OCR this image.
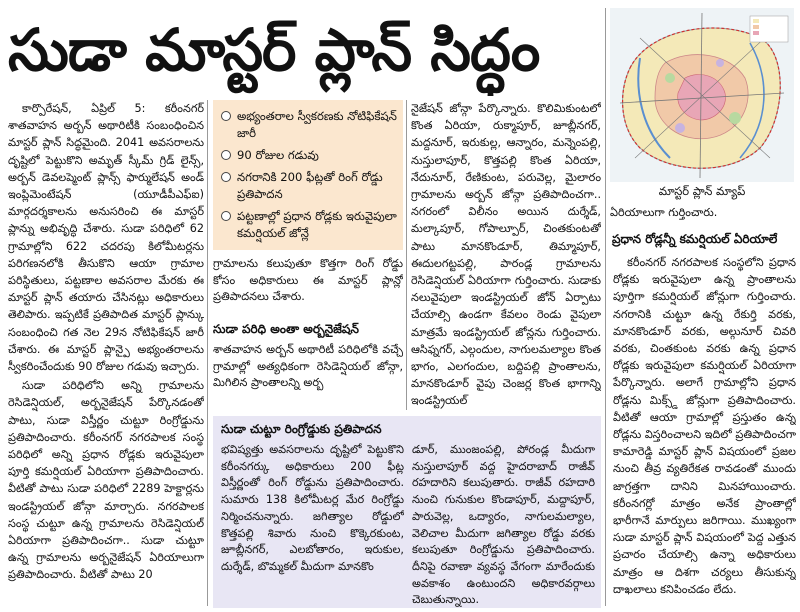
సుడా మాస్టర్ ప్లాన్ సిద్ధం

కార్పొరేషన్, ఏప్రిల్ 5: కరీంనగర్ శాతవాహన అర్బన్ అథారిటీకి సంబంధించిన మాస్టర్ ప్లాన్ సిద్ధమైంది. 2041 అవసరాలను దృష్టిలో పెట్టుకొని అమృత్ స్కీమ్ గ్రిడ్ లైన్స్, అర్బన్ డెవలప్మెంట్ ప్లాన్స్ ఫార్ములేషన్ అండ్ ఇంప్లిమెంటేషన్ (యూడీపీఎఫ్ఐ) మార్గదర్శకాలను అనుసరించి ఈ మాస్టర్ ప్లాన్ను అభివృద్ధి చేశారు. సుడా పరిధిలో 62 గ్రామాల్లోని 622 చదరపు కిలోమీటర్లను పరిగణనలోకి తీసుకొని ఆయా గ్రామాల పరిస్థితులు, పట్టణాల అవసరాల మేరకు ఈ మాస్టర్ ప్లాన్ తయారు చేసినట్లు అధికారులు తెలిపారు. ఇప్పటికే ప్రతిపాదిత మాస్టర్ ప్లాన్కు సంబంధించి గత నెల 29న నోటిఫికేషన్ జారీ చేశారు. ఈ మాస్టర్ ప్లాన్పై అభ్యంతరాలను స్వీకరించేందుకు 90 రోజుల గడువు ఇచ్చారు.

సుడా పరిధిలోని అన్ని గ్రామాలను రెసిడెన్షియల్, అర్బనైజేషన్ పేర్కొనడంతో పాటు, సుడా విస్తీర్ణం చుట్టూ రింగ్రోడ్డును ప్రతిపాదించారు. కరీంనగర్ నగరపాలక సంస్థ పరిధిలో అన్ని ప్రధాన రోడ్లకు ఇరువైపులా పూర్తి కమర్షియల్ ఏరియాగా ప్రతిపాదించారు. వీటితో పాటు సుడా పరిధిలో 2289 హెక్టార్లను ఇండస్ట్రియల్ జోన్గా మార్చారు. నగరపాలక సంస్థ చుట్టూ ఉన్న గ్రామాలను రెసిడెన్షియల్ ఏరియాగా ప్రతిపాదించగా.. సుడా చుట్టూ ఉన్న గ్రామాలను అర్బనైజేషన్ ఏరియాలుగా ప్రతిపాదించారు. వీటితో పాటు 20

అభ్యంతరాల స్వీకరణకు నోటిఫికేషన్ జారీ
90 రోజుల గడువు
నగరానికి 200 ఫీట్లతో రింగ్ రోడ్డు ప్రతిపాదన
పట్టణాల్లో ప్రధాన రోడ్లకు ఇరువైపులా కమర్షియల్ జోన్లే
గ్రామాలను కలుపుతూ కొత్తగా రింగ్ రోడ్డు కోసం అధికారులు ఈ మాస్టర్ ప్లాన్లో ప్రతిపాదనలు చేశారు.
సుడా పరిధి అంతా అర్బనైజేషన్
శాతవాహన అర్బన్ అథారిటీ పరిధిలోకి వచ్చే గ్రామాల్లో అత్యధికంగా రెసిడెన్షియల్ జోన్గా, మిగిలిన ప్రాంతాలన్ని అర్బ

నైజేషన్ జోన్గా పేర్కొన్నారు. కొలిమికుంటలో కొంత ఏరియా, రుక్మాపూర్, జూబ్లీనగర్, మద్దనూర్, ఇరుకుల్ల, ఆన్నారం, మన్నెంపల్లి, నుస్తులాపూర్, కొత్తపల్లి కొంత ఏరియా, నేదునూర్, రేణికుంట, పరువెల్ల, మైలారం గ్రామాలను అర్బన్ జోన్గా ప్రతిపాదించగా.. నగరంలో విలీనం అయిన దుర్శేడ్, మల్కాపూర్, గోపాల్పూర్, చింతకుంటతో పాటు మానకొండూర్, తిమ్మాపూర్, ఈదులగట్టపల్లి, పారండ్ల గ్రామాలను రెసిడెన్షియల్ ఏరియాగా గుర్తించారు. సుడాకు నలువైపులా ఇండస్ట్రియల్ జోన్ ఏర్పాటు చేయాల్సి ఉండగా కేవలం రెండు వైపులా మాత్రమే ఇండస్ట్రియల్ జోన్లను గుర్తించారు. ఆసిఫ్నగర్, ఎల్గందుల, నాగులమల్యాల కొంత భాగం, ఎలగందుల, బద్దిపల్లి ప్రాంతాలను, మానకొండూర్ వైపు చెంజర్ల కొంత భాగాన్ని ఇండస్ట్రియల్

సుడా చుట్టూ రింగ్రోడ్డుకు ప్రతిపాదన
భవిష్యత్తు అవసరాలను దృష్టిలో పెట్టుకొని కరీంనగర్కు అధికారులు 200 ఫీట్ల విస్తీర్ణంతో రింగ్ రోడ్డును ప్రతిపాదించారు. సుమారు 138 కిలోమీటర్ల మేర రింగ్రోడ్డు నిర్మించనున్నారు. జగిత్యాల రోడ్డులో కొత్తపల్లి శివారు నుంచి కొక్కెరకుంట, జూబ్లీనగర్, ఎలబోతారం, ఇరుకుల, దుర్శేడ్, బొమ్మకల్ మీదుగా మానకొం
డూర్, ముంజంపల్లి, పోరండ్ల మీదుగా నుస్తులాపూర్ వద్ద హైదరాబాద్ రాజీవ్ రహదారిని కలుపుతారు. రాజీవ్ రహదారి నుంచి గునుకుల కొండాపూర్, మద్దాపూర్, పారువెల్ల, ఒద్యారం, నాగులమల్యాల, వెలిచాల మీదుగా జగిత్యాల రోడ్డు వరకు కలుపుతూ రింగ్రోడ్డును ప్రతిపాదించారు. దీనిపై రవాణా వ్యవస్థ వేగంగా మారేందుకు అవకాశం ఉంటుందని అధికారవర్గాలు చెబుతున్నాయి.
మాస్టర్ ప్లాన్ మ్యాప్
ఏరియాలుగా గుర్తించారు.
ప్రధాన రోడ్లన్నీ కమర్షియల్ ఏరియాలే

కరీంనగర్ నగరపాలక సంస్థలోని ప్రధాన రోడ్లకు ఇరువైపులా ఉన్న ప్రాంతాలను పూర్తిగా కమర్షియల్ జోన్లుగా గుర్తించారు. నగరానికి చుట్టూ ఉన్న రేకుర్తి వరకు, మానకొండూర్ వరకు, అల్గునూర్ చివరి వరకు, చింతకుంట వరకు ఉన్న ప్రధాన రోడ్లకు ఇరువైపులా కమర్షియల్ ఏరియాగా పేర్కొన్నారు. అలాగే గ్రామాల్లోని ప్రధాన రోడ్లను మిక్స్డ్ జోన్లుగా ప్రతిపాదించారు. వీటితో ఆయా గ్రామాల్లో ప్రస్తుతం ఉన్న రోడ్లను విస్తరించాలని ఇదిలో ప్రతిపాదించగా కామారెడ్డి మాస్టర్ ప్లాన్ విషయంలో ప్రజల నుంచి తీవ్ర వ్యతిరేకత రావడంతో ముందు జాగ్రత్తగా దానిని మినహాయించారు. కరీంనగర్లో మాత్రం అనేక ప్రాంతాల్లో భారీగానే మార్పులు జరిగాయి. ముఖ్యంగా సుడా మాస్టర్ ప్లాన్ విషయంలో పెద్ద ఎత్తున ప్రచారం చేయాల్సి ఉన్నా అధికారులు మాత్రం ఆ దిశగా చర్యలు తీసుకున్న దాఖలాలు కనిపించడం లేదు.
